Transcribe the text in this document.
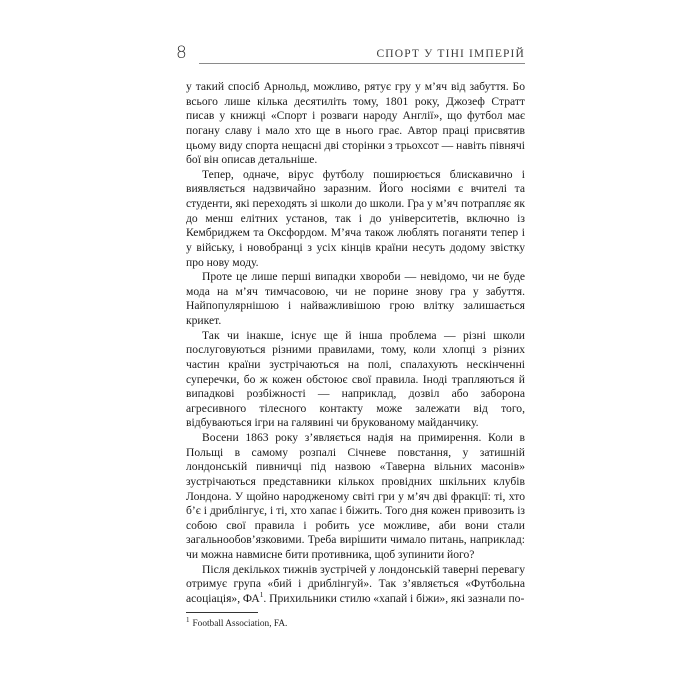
8	СПОРТ У ТІНІ ІМПЕРІЙ

у такий спосіб Арнольд, можливо, рятує гру у м’яч від забуття. Бо всього лише кілька десятиліть тому, 1801 року, Джозеф Стратт писав у книжці «Спорт і розваги народу Англії», що футбол має погану славу і мало хто ще в нього грає. Автор праці присвятив цьому виду спорта нещасні дві сторінки з трьохсот — навіть півнячі бої він описав детальніше.

Тепер, одначе, вірус футболу поширюється блискавично і виявляється надзвичайно заразним. Його носіями є вчителі та студенти, які переходять зі школи до школи. Гра у м’яч потрапляє як до менш елітних установ, так і до університетів, включно із Кембриджем та Оксфордом. М’яча також люблять поганяти тепер і у війську, і новобранці з усіх кінців країни несуть додому звістку про нову моду.

Проте це лише перші випадки хвороби — невідомо, чи не буде мода на м’яч тимчасовою, чи не порине знову гра у забуття. Найпопулярнішою і найважливішою грою влітку залишається крикет.

Так чи інакше, існує ще й інша проблема — різні школи послуговуються різними правилами, тому, коли хлопці з різних частин країни зустрічаються на полі, спалахують нескінченні суперечки, бо ж кожен обстоює свої правила. Іноді трапляються й випадкові розбіжності — наприклад, дозвіл або заборона агресивного тілесного контакту може залежати від того, відбуваються ігри на галявині чи брукованому майданчику.

Восени 1863 року з’являється надія на примирення. Коли в Польщі в самому розпалі Січневе повстання, у затишній лондонській пивничці під назвою «Таверна вільних масонів» зустрічаються представники кількох провідних шкільних клубів Лондона. У щойно народженому світі гри у м’яч дві фракції: ті, хто б’є і дриблінгує, і ті, хто хапає і біжить. Того дня кожен привозить із собою свої правила і робить усе можливе, аби вони стали загальнообов’язковими. Треба вирішити чимало питань, наприклад: чи можна навмисне бити противника, щоб зупинити його?

Після декількох тижнів зустрічей у лондонській таверні перевагу отримує група «бий і дриблінгуй». Так з’являється «Футбольна асоціація», ФА$^1$. Прихильники стилю «хапай і біжи», які зазнали по-

$^1$ Football Association, FA.
